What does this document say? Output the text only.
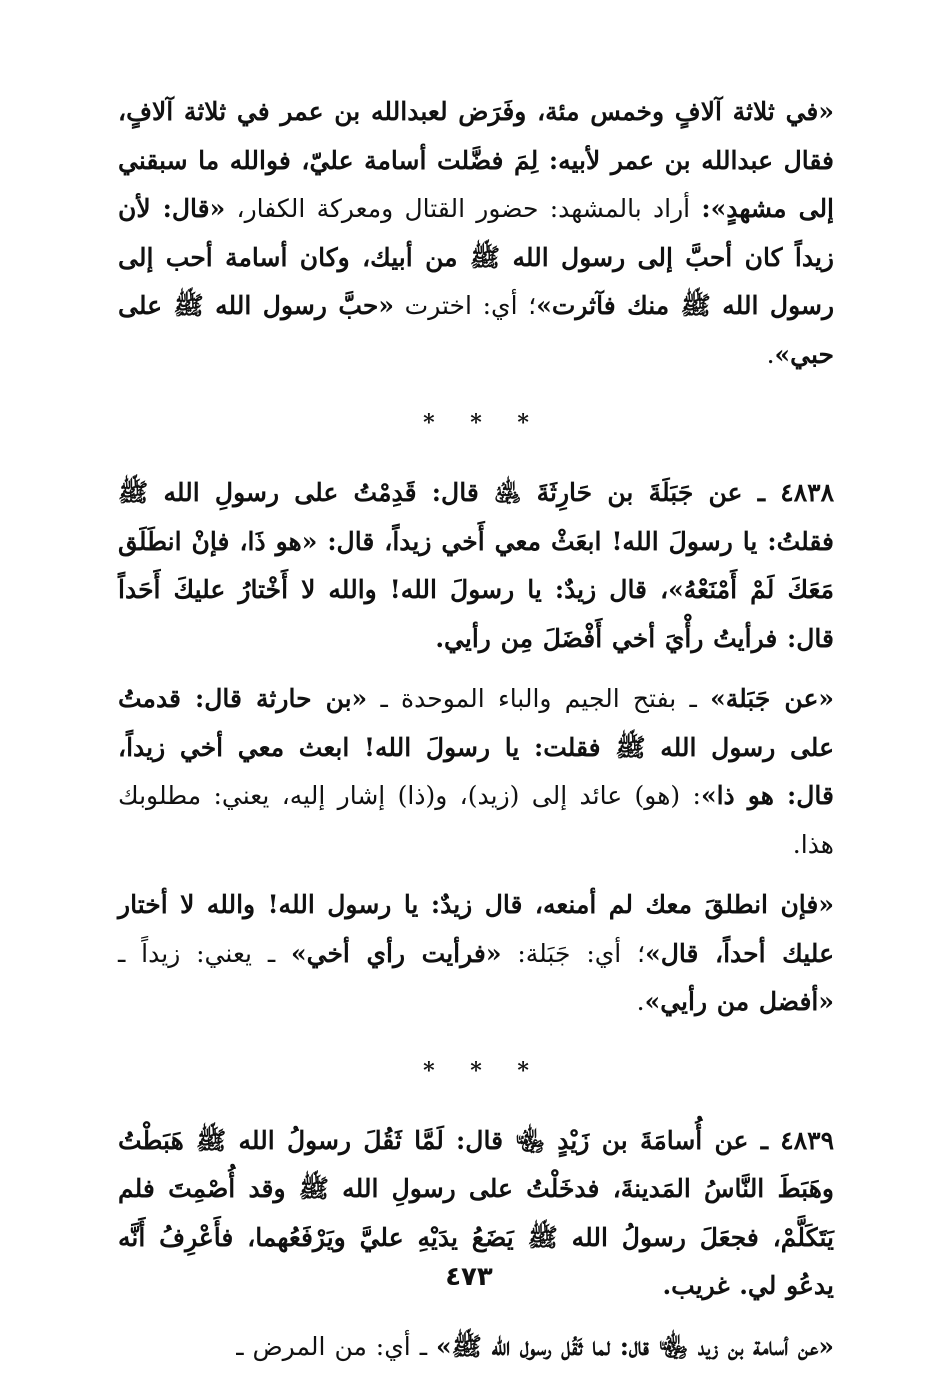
«في ثلاثة آلافٍ وخمس مئة، وفَرَض لعبدالله بن عمر في ثلاثة آلافٍ، فقال عبدالله بن عمر لأبيه: لِمَ فضَّلت أسامة عليّ، فوالله ما سبقني إلى مشهدٍ»: أراد بالمشهد: حضور القتال ومعركة الكفار، «قال: لأن زيداً كان أحبَّ إلى رسول الله ﷺ من أبيك، وكان أسامة أحب إلى رسول الله ﷺ منك فآثرت»؛ أي: اخترت «حبَّ رسول الله ﷺ على حبي».

* * *

٤٨٣٨ ـ عن جَبَلَةَ بن حَارِثَةَ ﵁ قال: قَدِمْتُ على رسولِ الله ﷺ فقلتُ: يا رسولَ الله! ابعَثْ معي أَخي زيداً، قال: «هو ذَا، فإنْ انطَلَق مَعَكَ لَمْ أَمْنَعْهُ»، قال زيدٌ: يا رسولَ الله! والله لا أَخْتارُ عليكَ أَحَداً قال: فرأيتُ رأْيَ أخي أَفْضَلَ مِن رأيي.

«عن جَبَلة» ـ بفتح الجيم والباء الموحدة ـ «بن حارثة قال: قدمتُ على رسول الله ﷺ فقلت: يا رسولَ الله! ابعث معي أخي زيداً، قال: هو ذا»: (هو) عائد إلى (زيد)، و(ذا) إشار إليه، يعني: مطلوبك هذا.

«فإن انطلقَ معك لم أمنعه، قال زيدٌ: يا رسول الله! والله لا أختار عليك أحداً، قال»؛ أي: جَبَلة: «فرأيت رأي أخي» ـ يعني: زيداً ـ «أفضل من رأيي».

* * *

٤٨٣٩ ـ عن أُسامَةَ بن زَيْدٍ ﵄ قال: لَمَّا ثَقُلَ رسولُ الله ﷺ هَبَطْتُ وهَبَطَ النَّاسُ المَدينةَ، فدخَلْتُ على رسولِ الله ﷺ وقد أُصْمِتَ فلم يَتَكَلَّمْ، فجعَلَ رسولُ الله ﷺ يَضَعُ يدَيْهِ عليَّ ويَرْفَعُهما، فأَعْرِفُ أَنَّه يدعُو لي. غريب.

«عن أسامة بن زيد ﵄ قال: لما ثَقُل رسول الله ﷺ» ـ أي: من المرض ـ

٤٧٣
